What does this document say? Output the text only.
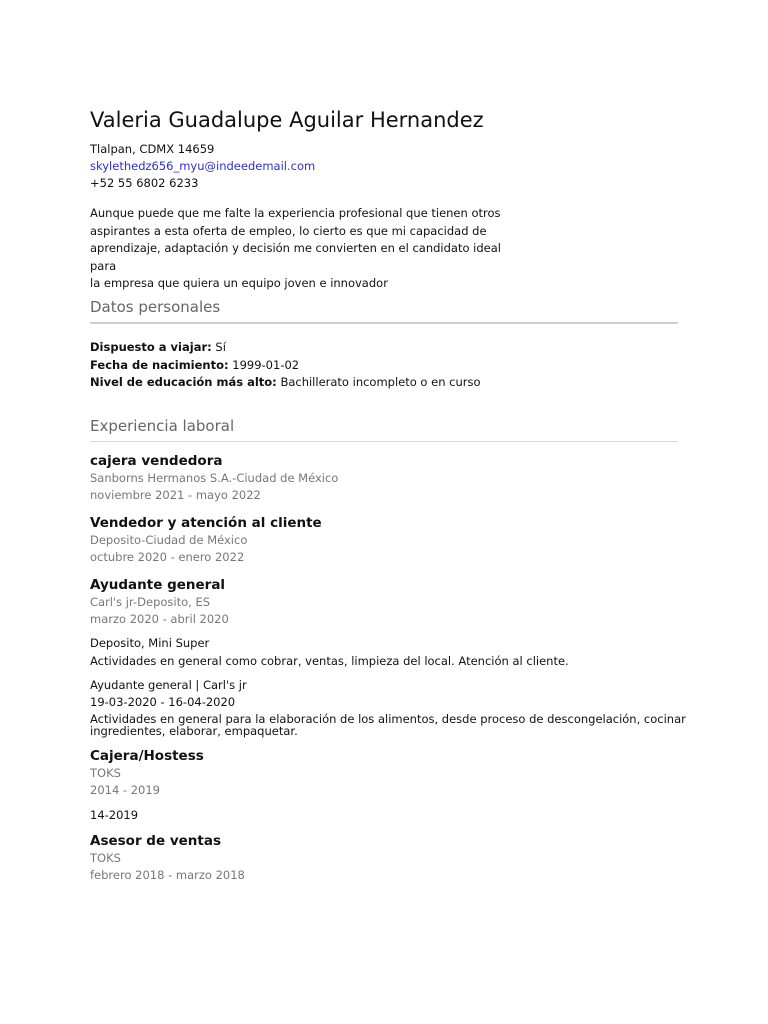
Valeria Guadalupe Aguilar Hernandez
Tlalpan, CDMX 14659
skylethedz656_myu@indeedemail.com
+52 55 6802 6233
Aunque puede que me falte la experiencia profesional que tienen otros
aspirantes a esta oferta de empleo, lo cierto es que mi capacidad de
aprendizaje, adaptación y decisión me convierten en el candidato ideal para
la empresa que quiera un equipo joven e innovador
Datos personales
Dispuesto a viajar: Sí
Fecha de nacimiento: 1999-01-02
Nivel de educación más alto: Bachillerato incompleto o en curso
Experiencia laboral
cajera vendedora
Sanborns Hermanos S.A.-Ciudad de México
noviembre 2021 - mayo 2022
Vendedor y atención al cliente
Deposito-Ciudad de México
octubre 2020 - enero 2022
Ayudante general
Carl's jr-Deposito, ES
marzo 2020 - abril 2020
Deposito, Mini Super
Actividades en general como cobrar, ventas, limpieza del local. Atención al cliente.
Ayudante general | Carl's jr
19-03-2020 - 16-04-2020
Actividades en general para la elaboración de los alimentos, desde proceso de descongelación, cocinar
ingredientes, elaborar, empaquetar.
Cajera/Hostess
TOKS
2014 - 2019
14-2019
Asesor de ventas
TOKS
febrero 2018 - marzo 2018
